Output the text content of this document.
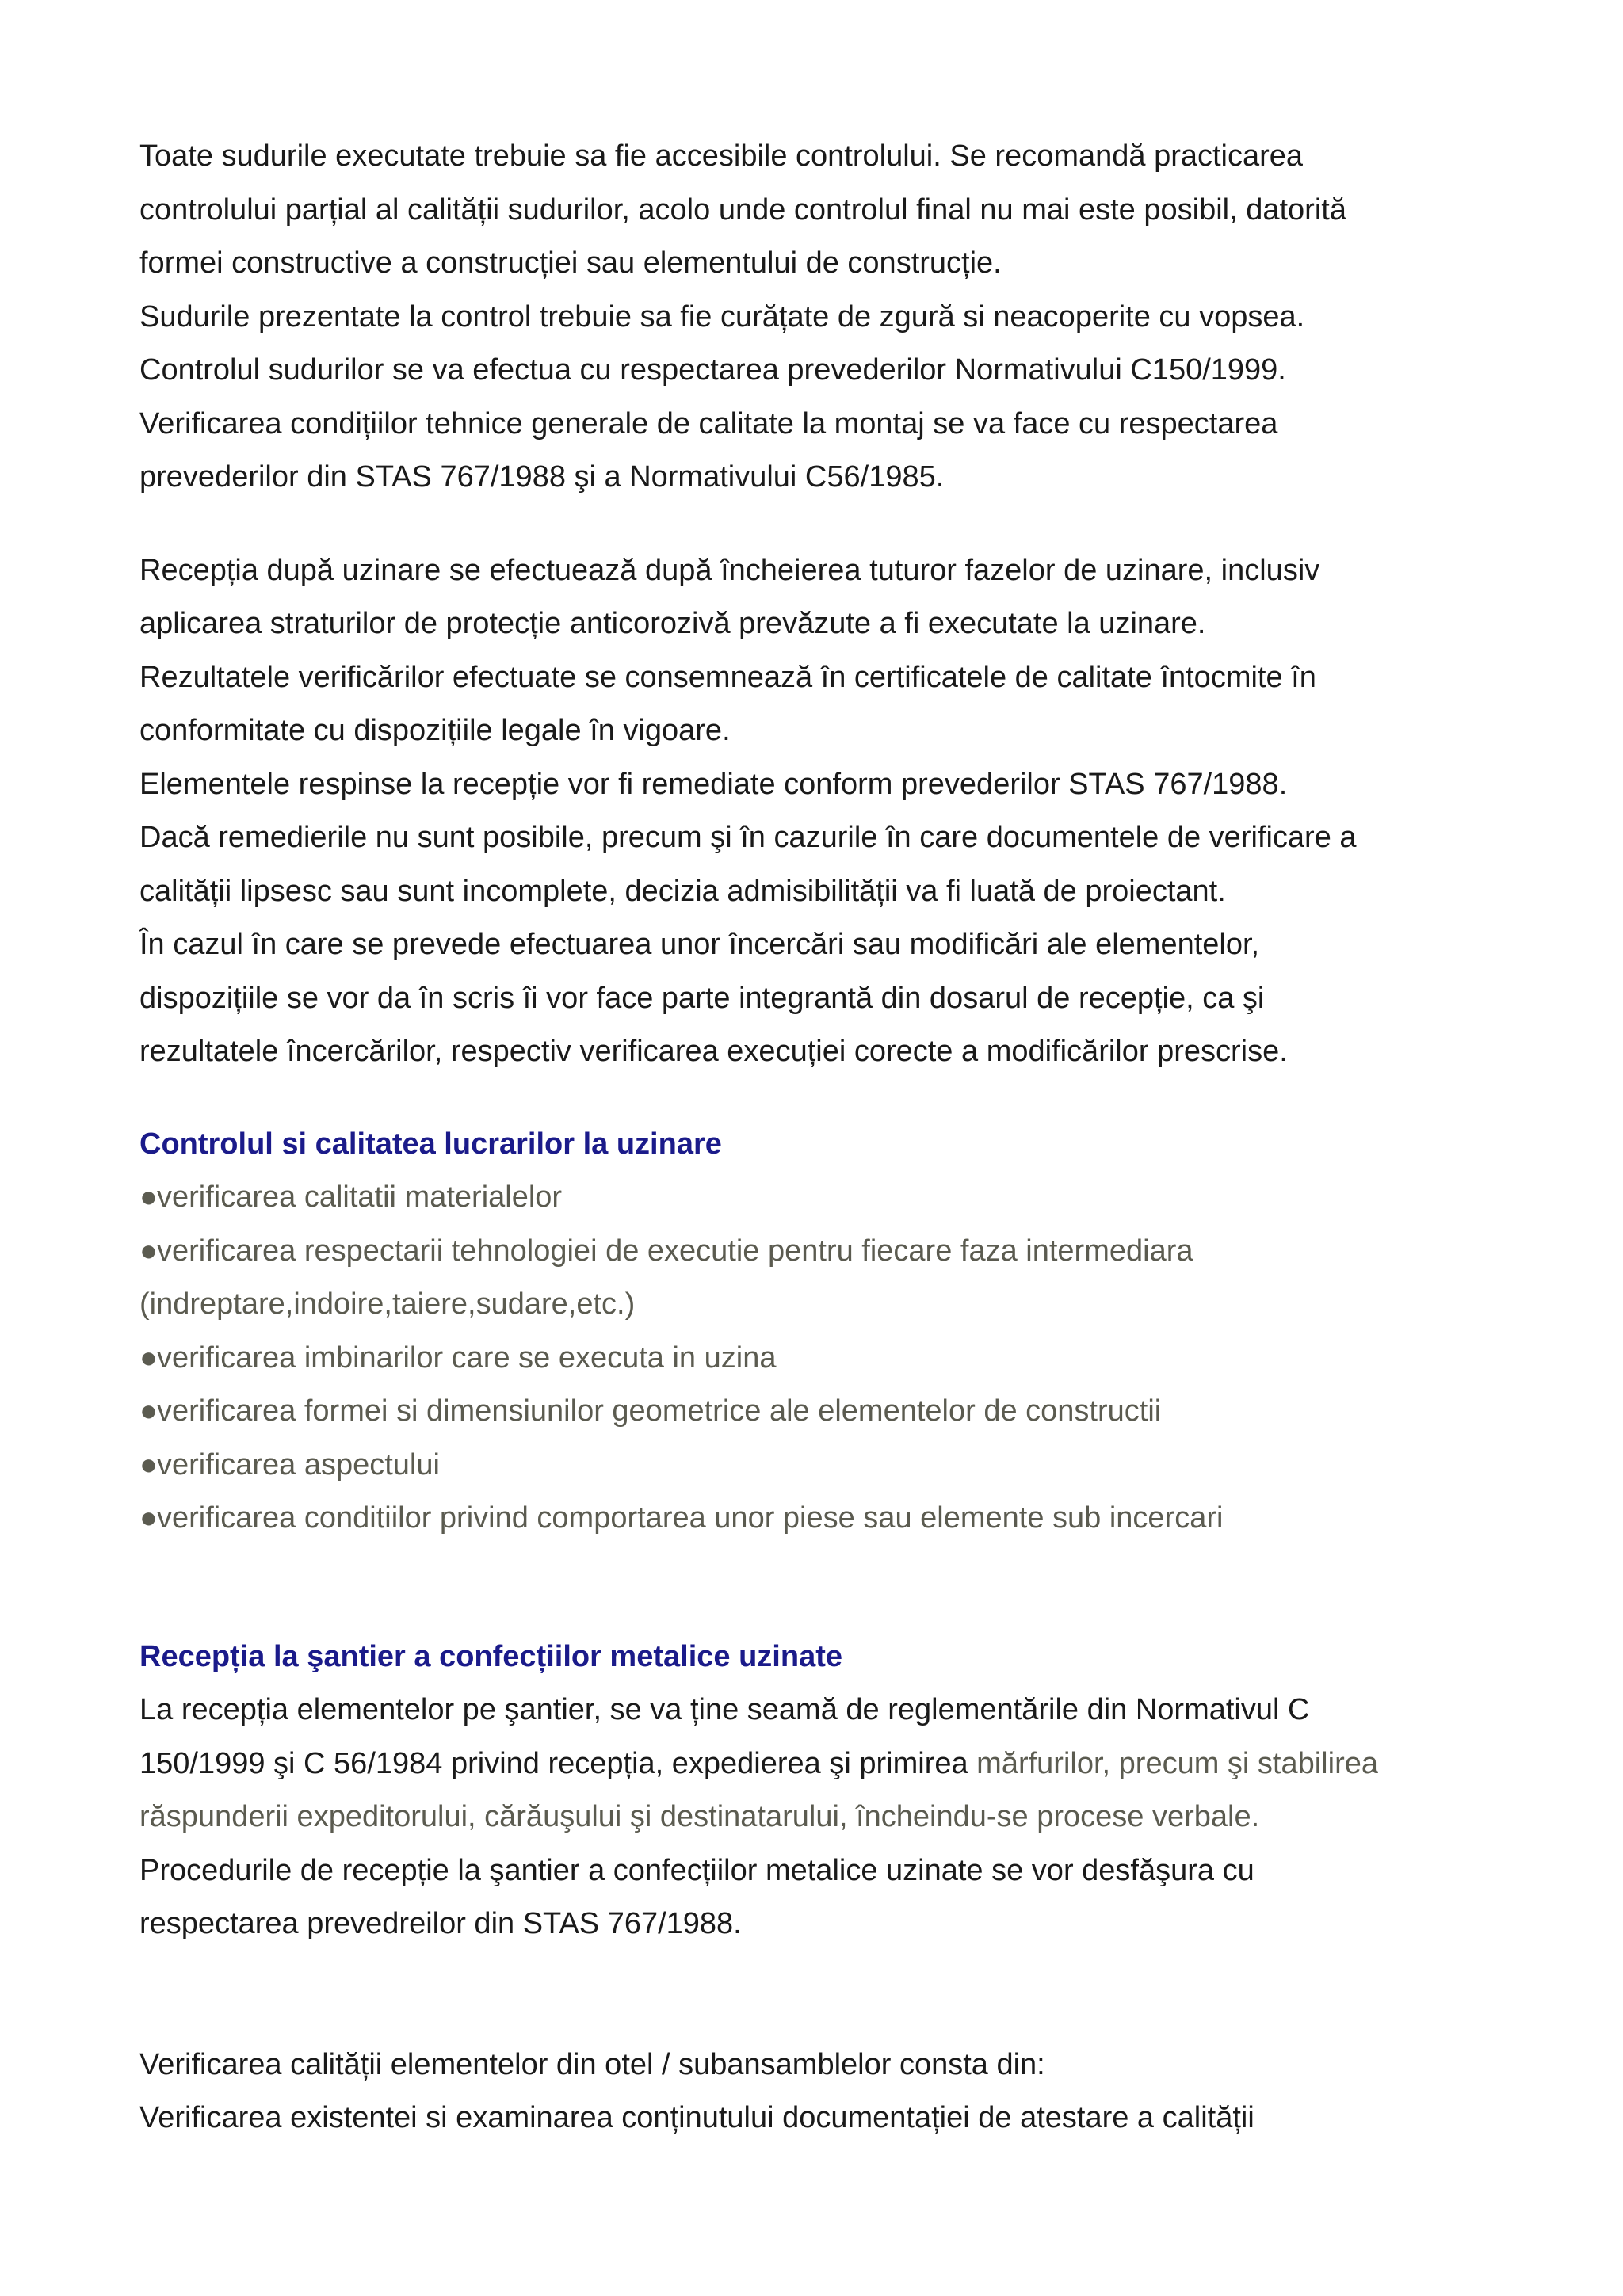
Toate sudurile executate trebuie sa fie accesibile controlului. Se recomandă practicarea

controlului parțial al calității sudurilor, acolo unde controlul final nu mai este posibil, datorită

formei constructive a construcției sau elementului de construcție.

Sudurile prezentate la control trebuie sa fie curățate de zgură si neacoperite cu vopsea.

Controlul sudurilor se va efectua cu respectarea prevederilor Normativului C150/1999.

Verificarea condițiilor tehnice generale de calitate la montaj se va face cu respectarea

prevederilor din STAS 767/1988 şi a Normativului C56/1985.

Recepția după uzinare se efectuează după încheierea tuturor fazelor de uzinare, inclusiv

aplicarea straturilor de protecție anticorozivă prevăzute a fi executate la uzinare.

Rezultatele verificărilor efectuate se consemnează în certificatele de calitate întocmite în

conformitate cu dispozițiile legale în vigoare.

Elementele respinse la recepție vor fi remediate conform prevederilor STAS 767/1988.

Dacă remedierile nu sunt posibile, precum şi în cazurile în care documentele de verificare a

calității lipsesc sau sunt incomplete, decizia admisibilității va fi luată de proiectant.

În cazul în care se prevede efectuarea unor încercări sau modificări ale elementelor,

dispozițiile se vor da în scris îi vor face parte integrantă din dosarul de recepție, ca şi

rezultatele încercărilor, respectiv verificarea execuției corecte a modificărilor prescrise.

Controlul si calitatea lucrarilor la uzinare

●verificarea calitatii materialelor

●verificarea respectarii tehnologiei de executie pentru fiecare faza intermediara

(indreptare,indoire,taiere,sudare,etc.)

●verificarea imbinarilor care se executa in uzina

●verificarea formei si dimensiunilor geometrice ale elementelor de constructii

●verificarea aspectului

●verificarea conditiilor privind comportarea unor piese sau elemente sub incercari

Recepția la şantier a confecțiilor metalice uzinate

La recepția elementelor pe şantier, se va ține seamă de reglementările din Normativul C

150/1999 şi C 56/1984 privind recepția, expedierea şi primirea mărfurilor, precum şi stabilirea

răspunderii expeditorului, cărăuşului şi destinatarului, încheindu-se procese verbale.

Procedurile de recepție la şantier a confecțiilor metalice uzinate se vor desfăşura cu

respectarea prevedreilor din STAS 767/1988.

Verificarea calității elementelor din otel / subansamblelor consta din:

Verificarea existentei si examinarea conținutului documentației de atestare a calității
